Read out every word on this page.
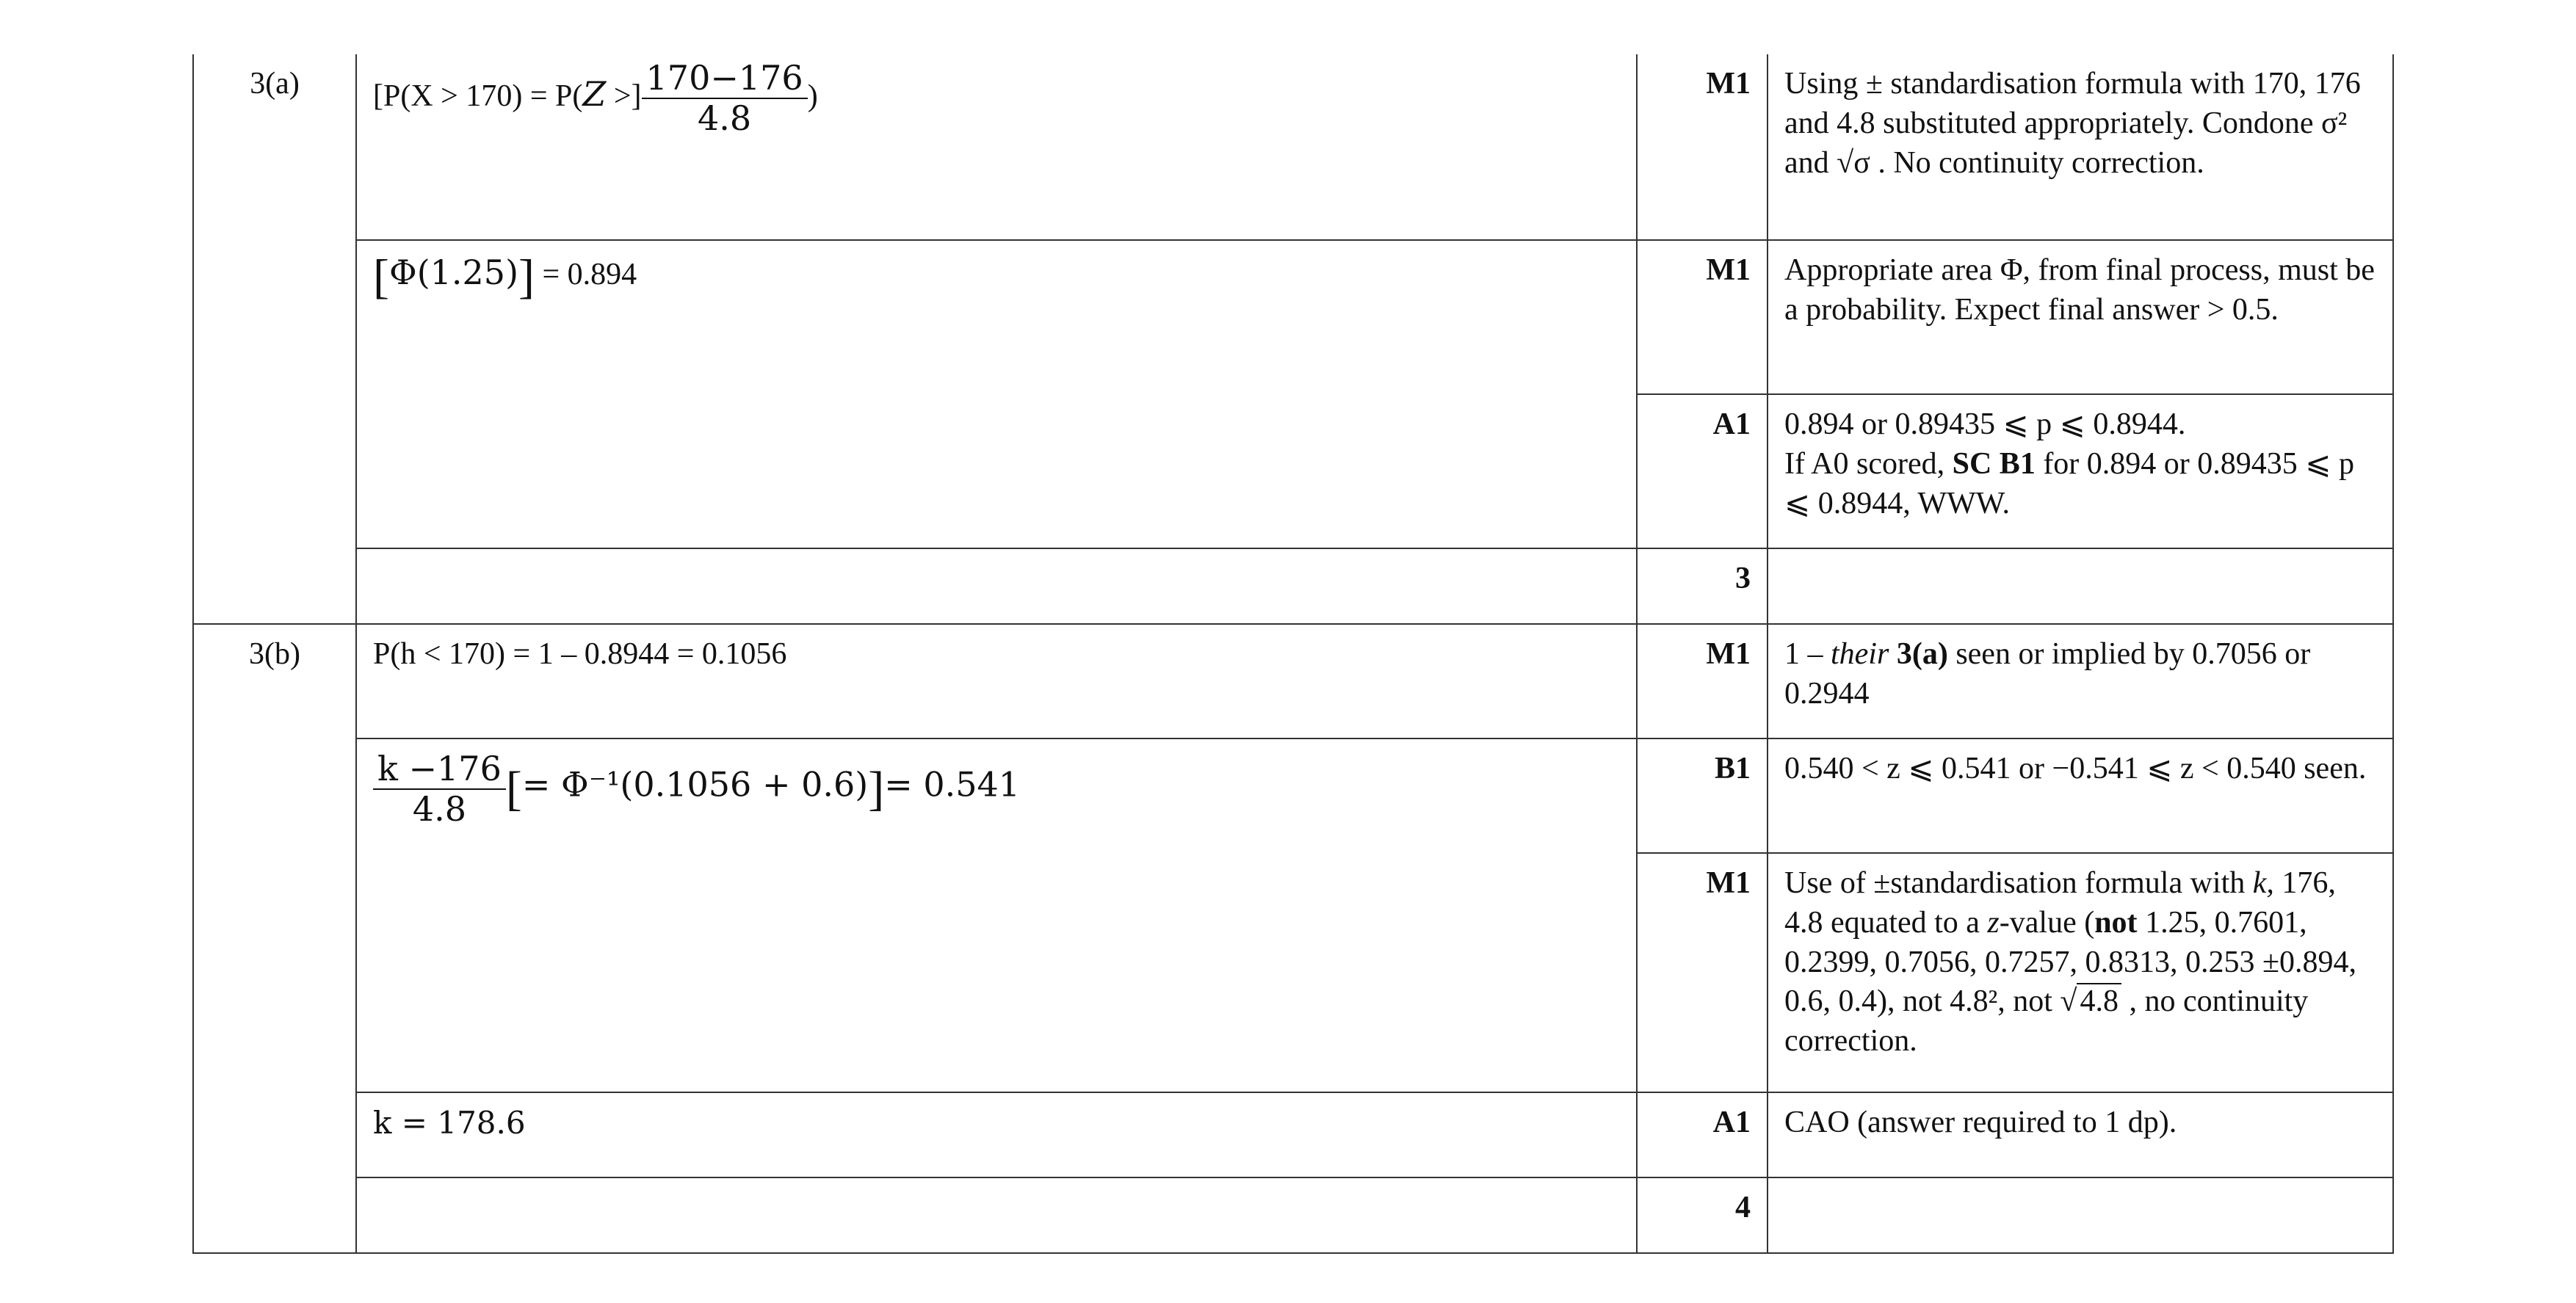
3(a)	[P(X > 170) = P(Z >] $\frac{170-176}{4.8}$ )	M1	Using ± standardisation formula with 170, 176 and 4.8 substituted appropriately. Condone σ² and √σ . No continuity correction.
	[Φ(1.25)] = 0.894	M1	Appropriate area Φ, from final process, must be a probability. Expect final answer > 0.5.
		A1	0.894 or 0.89435 ⩽ p ⩽ 0.8944.
If A0 scored, SC B1 for 0.894 or 0.89435 ⩽ p ⩽ 0.8944, WWW.
		3	
3(b)	P(h < 170) = 1 – 0.8944 = 0.1056	M1	1 – their 3(a) seen or implied by 0.7056 or 0.2944

	$\frac{k -176}{4.8}$ [= Φ⁻¹(0.1056 + 0.6)]= 0.541	B1	0.540 < z ⩽ 0.541 or −0.541 ⩽ z < 0.540 seen.
		M1	Use of ±standardisation formula with k, 176, 4.8 equated to a z-value (not 1.25, 0.7601, 0.2399, 0.7056, 0.7257, 0.8313, 0.253 ±0.894, 0.6, 0.4), not 4.8², not √4.8 , no continuity correction.
	k = 178.6	A1	CAO (answer required to 1 dp).
		4	
